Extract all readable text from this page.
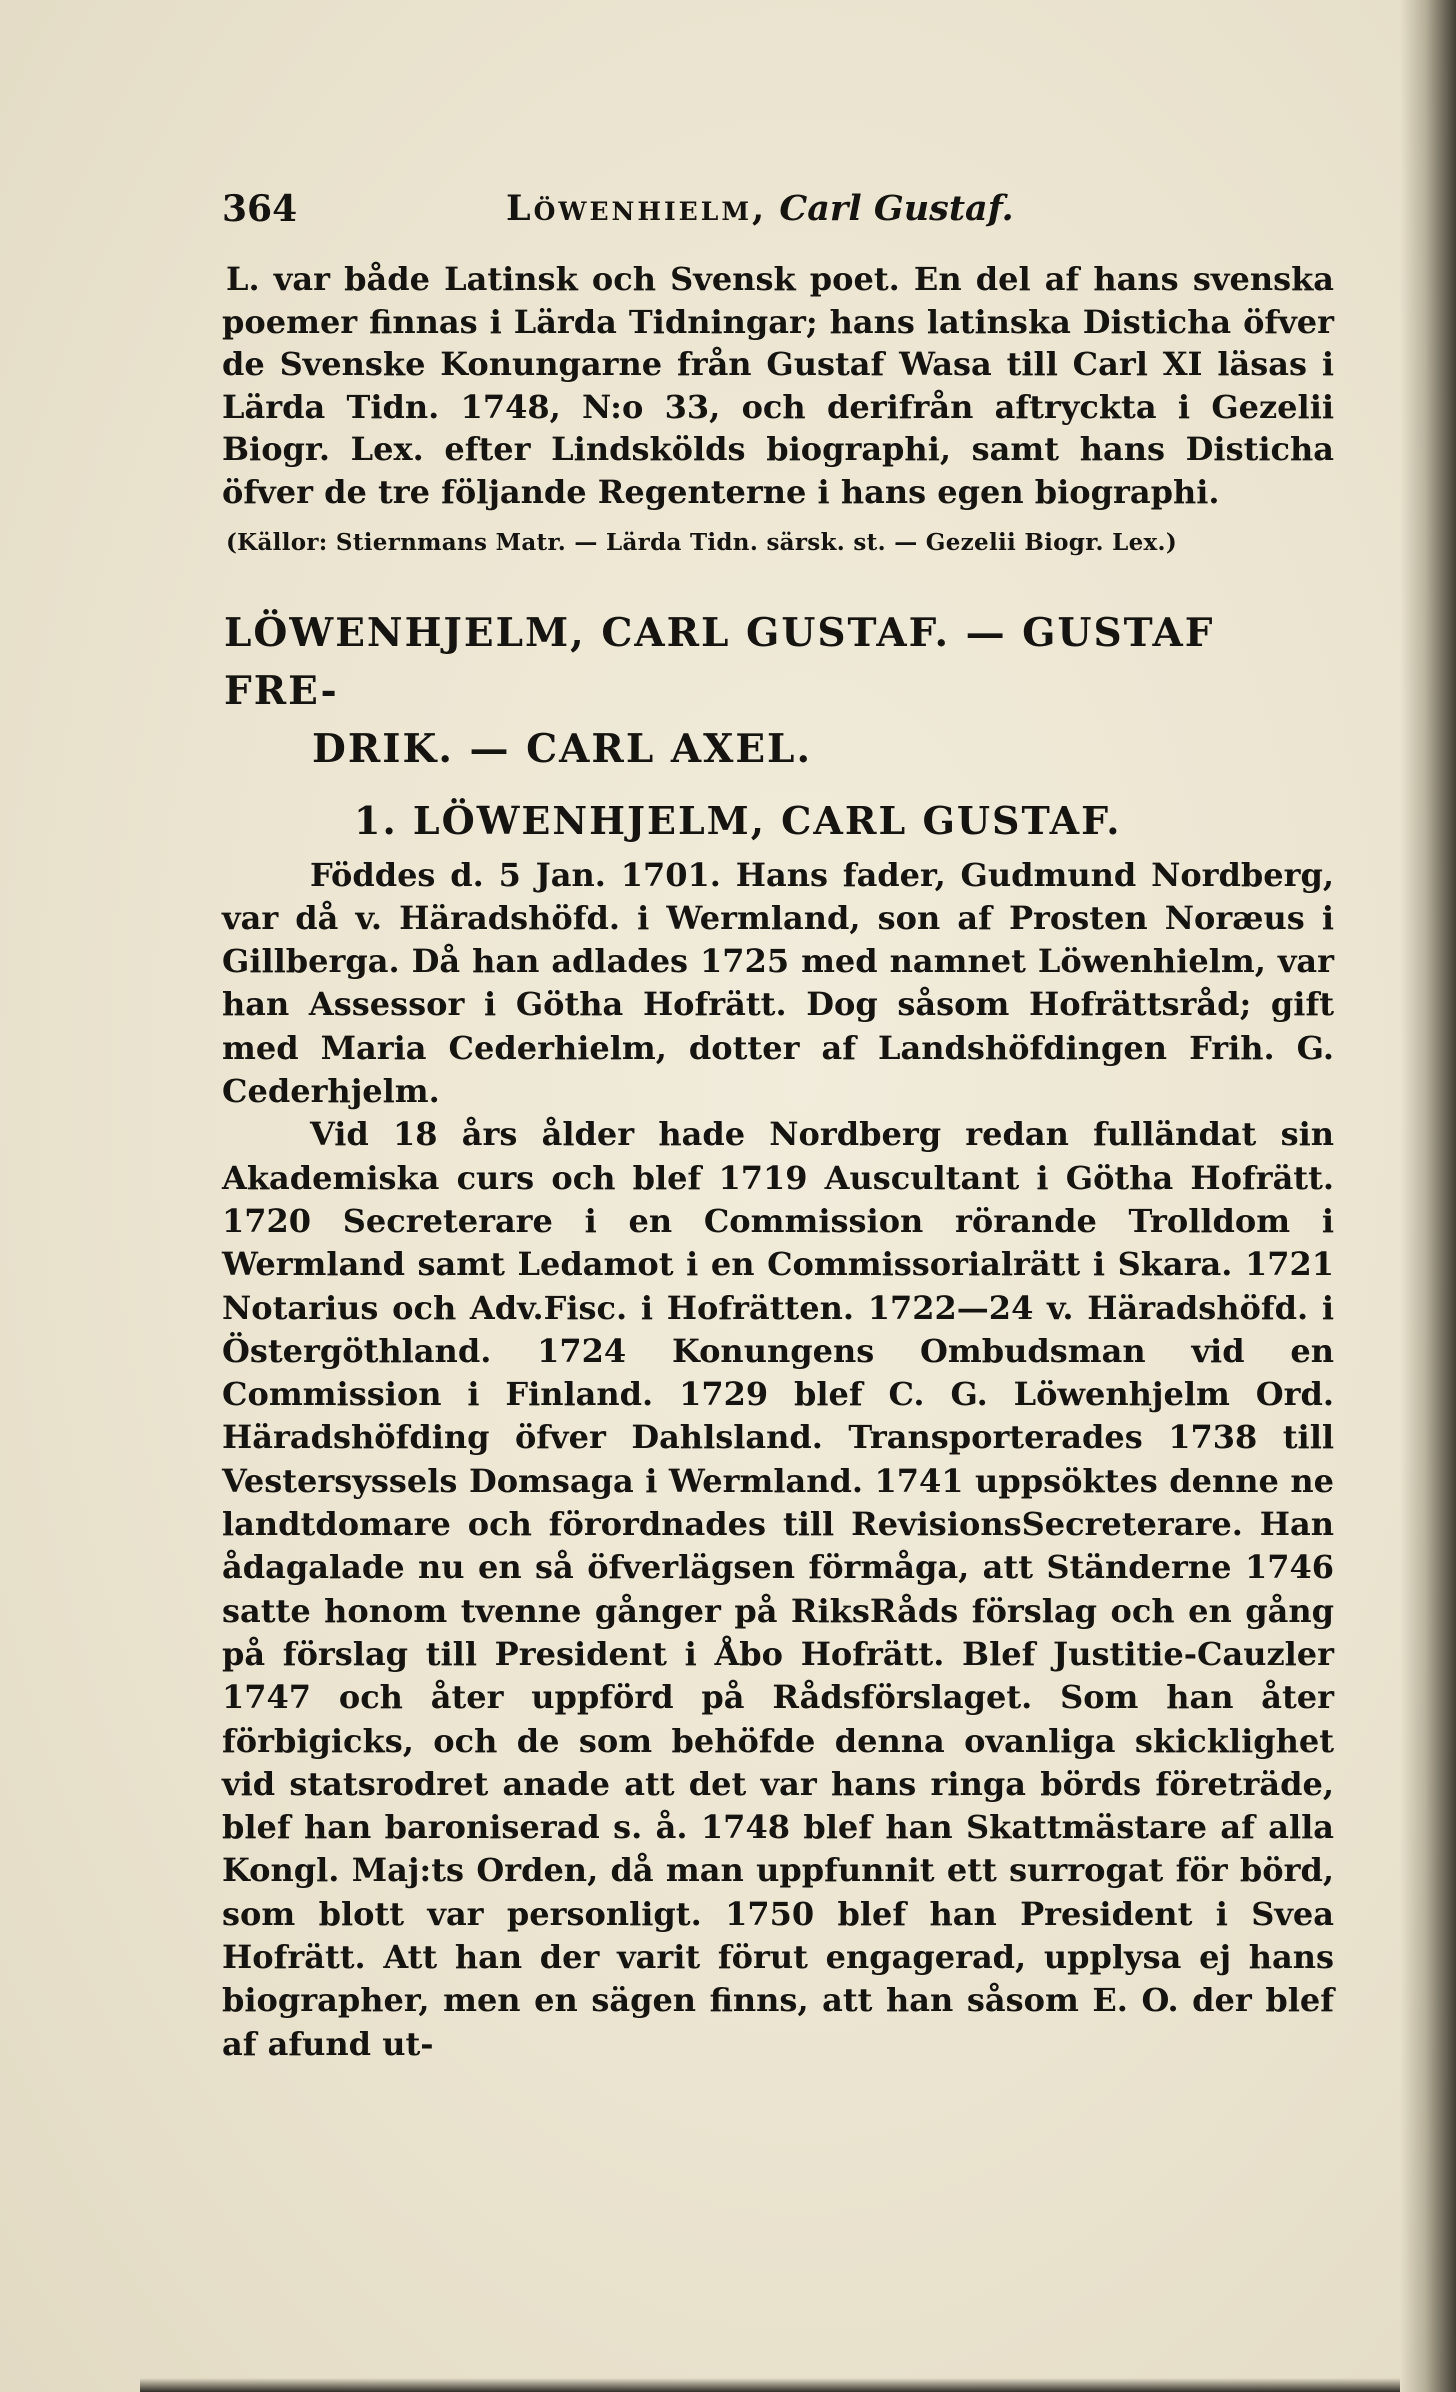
364	Löwenhielm, Carl Gustaf.

L. var både Latinsk och Svensk poet. En del af hans svenska poemer finnas i Lärda Tidningar; hans latinska Disticha öfver de Svenske Konungarne från Gustaf Wasa till Carl XI läsas i Lärda Tidn. 1748, N:o 33, och derifrån aftryckta i Gezelii Biogr. Lex. efter Lindskölds biographi, samt hans Disticha öfver de tre följande Regenterne i hans egen biographi.

(Källor: Stiernmans Matr. — Lärda Tidn. särsk. st. — Gezelii Biogr. Lex.)

LÖWENHJELM, CARL GUSTAF. — GUSTAF FRE-
DRIK. — CARL AXEL.
1. LÖWENHJELM, CARL GUSTAF.

Föddes d. 5 Jan. 1701. Hans fader, Gudmund Nordberg, var då v. Häradshöfd. i Wermland, son af Prosten Noræus i Gillberga. Då han adlades 1725 med namnet Löwenhielm, var han Assessor i Götha Hofrätt. Dog såsom Hofrättsråd; gift med Maria Cederhielm, dotter af Landshöfdingen Frih. G. Cederhjelm.

Vid 18 års ålder hade Nordberg redan fulländat sin Akademiska curs och blef 1719 Auscultant i Götha Hofrätt. 1720 Secreterare i en Commission rörande Trolldom i Wermland samt Ledamot i en Commissorialrätt i Skara. 1721 Notarius och Adv.Fisc. i Hofrätten. 1722—24 v. Häradshöfd. i Östergöthland. 1724 Konungens Ombudsman vid en Commission i Finland. 1729 blef C. G. Löwenhjelm Ord. Häradshöfding öfver Dahlsland. Transporterades 1738 till Vestersyssels Domsaga i Wermland. 1741 uppsöktes denne ne landtdomare och förordnades till RevisionsSecreterare. Han ådagalade nu en så öfverlägsen förmåga, att Ständerne 1746 satte honom tvenne gånger på RiksRåds förslag och en gång på förslag till President i Åbo Hofrätt. Blef Justitie-Cauzler 1747 och åter uppförd på Rådsförslaget. Som han åter förbigicks, och de som behöfde denna ovanliga skicklighet vid statsrodret anade att det var hans ringa börds företräde, blef han baroniserad s. å. 1748 blef han Skattmästare af alla Kongl. Maj:ts Orden, då man uppfunnit ett surrogat för börd, som blott var personligt. 1750 blef han President i Svea Hofrätt. Att han der varit förut engagerad, upplysa ej hans biographer, men en sägen finns, att han såsom E. O. der blef af afund ut-
